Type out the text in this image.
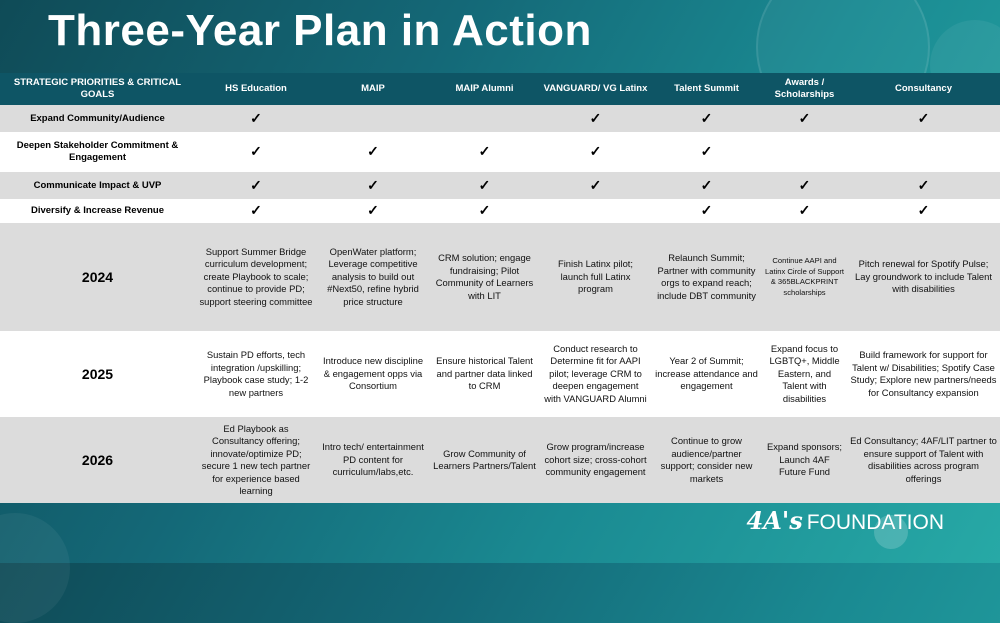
Three-Year Plan in Action
STRATEGIC PRIORITIES & CRITICAL GOALS	HS Education	MAIP	MAIP Alumni	VANGUARD/ VG Latinx	Talent Summit	Awards / Scholarships	Consultancy
Expand Community/Audience	✓			✓	✓	✓	✓
Deepen Stakeholder Commitment & Engagement	✓	✓	✓	✓	✓		
Communicate Impact & UVP	✓	✓	✓	✓	✓	✓	✓
Diversify & Increase Revenue	✓	✓	✓		✓	✓	✓
2024	Support Summer Bridge curriculum development; create Playbook to scale; continue to provide PD; support steering committee	OpenWater platform; Leverage competitive analysis to build out #Next50, refine hybrid price structure	CRM solution; engage fundraising; Pilot Community of Learners with LIT	Finish Latinx pilot; launch full Latinx program	Relaunch Summit; Partner with community orgs to expand reach; include DBT community	Continue AAPI and Latinx Circle of Support & 365BLACKPRINT scholarships	Pitch renewal for Spotify Pulse; Lay groundwork to include Talent with disabilities
2025	Sustain PD efforts, tech integration /upskilling; Playbook case study; 1-2 new partners	Introduce new discipline & engagement opps via Consortium	Ensure historical Talent and partner data linked to CRM	Conduct research to Determine fit for AAPI pilot; leverage CRM to deepen engagement with VANGUARD Alumni	Year 2 of Summit; increase attendance and engagement	Expand focus to LGBTQ+, Middle Eastern, and Talent with disabilities	Build framework for support for Talent w/ Disabilities; Spotify Case Study; Explore new partners/needs for Consultancy expansion
2026	Ed Playbook as Consultancy offering; innovate/optimize PD; secure 1 new tech partner for experience based learning	Intro tech/ entertainment PD content for curriculum/labs,etc.	Grow Community of Learners Partners/Talent	Grow program/increase cohort size; cross-cohort community engagement	Continue to grow audience/partner support; consider new markets	Expand sponsors; Launch 4AF Future Fund	Ed Consultancy; 4AF/LIT partner to ensure support of Talent with disabilities across program offerings
4A's FOUNDATION
